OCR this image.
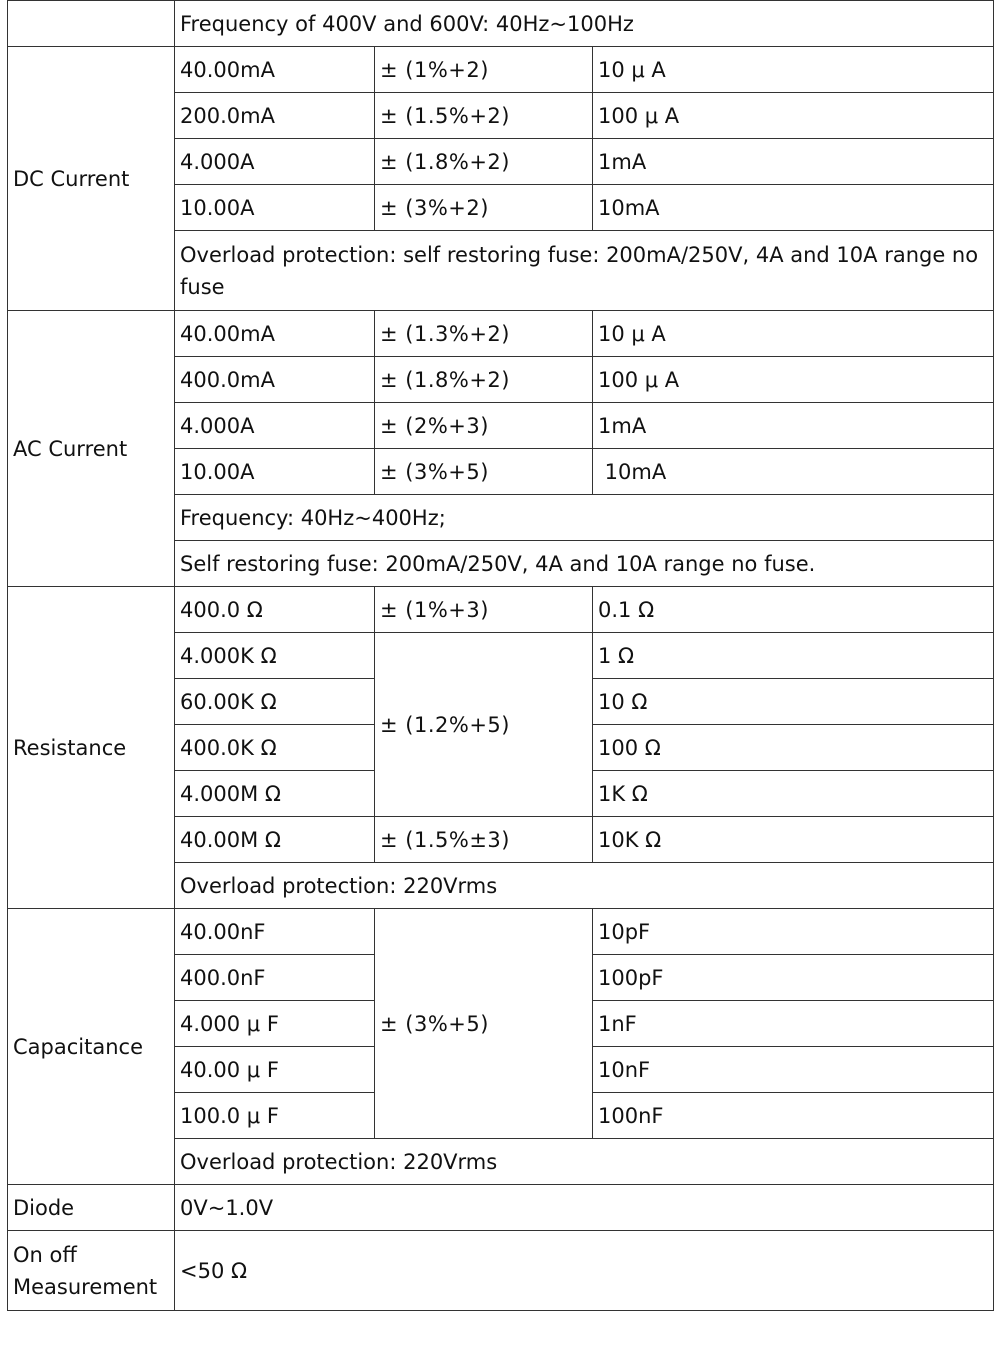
	Frequency of 400V and 600V: 40Hz~100Hz		
DC Current	40.00mA	± (1%+2)	10 μ A
	200.0mA	± (1.5%+2)	100 μ A
	4.000A	± (1.8%+2)	1mA
	10.00A	± (3%+2)	10mA
	Overload protection: self restoring fuse: 200mA/250V, 4A and 10A range no fuse		
AC Current	40.00mA	± (1.3%+2)	10 μ A
	400.0mA	± (1.8%+2)	100 μ A
	4.000A	± (2%+3)	1mA
	10.00A	± (3%+5)	10mA
	Frequency: 40Hz~400Hz;		
	Self restoring fuse: 200mA/250V, 4A and 10A range no fuse.		
Resistance	400.0 Ω	± (1%+3)	0.1 Ω
	4.000K Ω	± (1.2%+5)	1 Ω
	60.00K Ω		10 Ω
	400.0K Ω		100 Ω
	4.000M Ω		1K Ω
	40.00M Ω	± (1.5%±3)	10K Ω
	Overload protection: 220Vrms		
Capacitance	40.00nF	± (3%+5)	10pF
	400.0nF		100pF
	4.000 μ F		1nF
	40.00 μ F		10nF
	100.0 μ F		100nF
	Overload protection: 220Vrms		
Diode	0V~1.0V		
On off Measurement	<50 Ω		
